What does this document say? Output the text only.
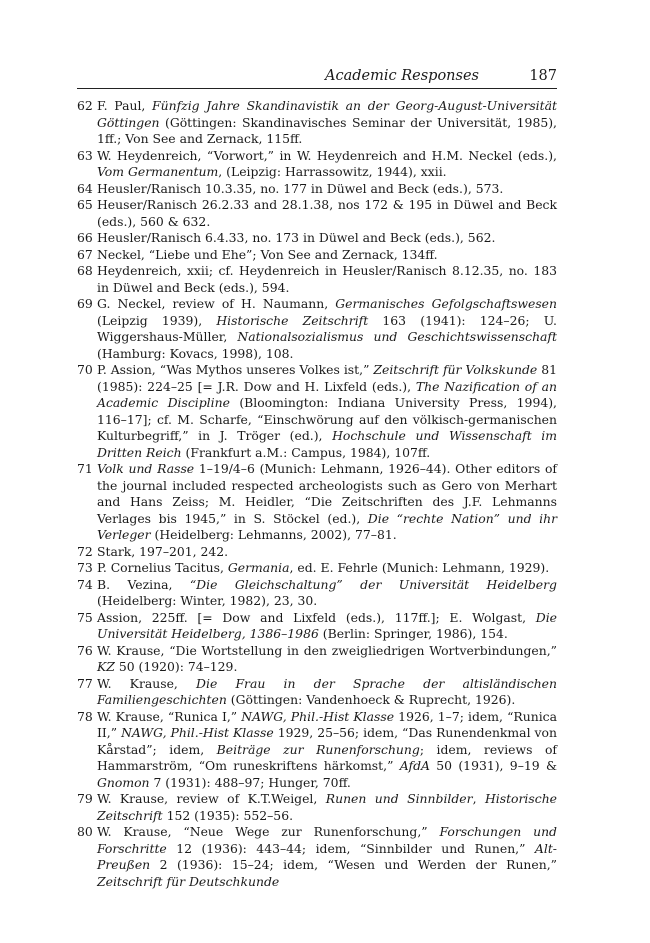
Academic Responses	187

62 F. Paul, Fünfzig Jahre Skandinavistik an der Georg-August-Universität Göttingen (Göttingen: Skandinavisches Seminar der Universität, 1985), 1ff.; Von See and Zernack, 115ff.

63 W. Heydenreich, “Vorwort,” in W. Heydenreich and H.M. Neckel (eds.), Vom Germanentum, (Leipzig: Harrassowitz, 1944), xxii.

64 Heusler/Ranisch 10.3.35, no. 177 in Düwel and Beck (eds.), 573.

65 Heuser/Ranisch 26.2.33 and 28.1.38, nos 172 & 195 in Düwel and Beck (eds.), 560 & 632.

66 Heusler/Ranisch 6.4.33, no. 173 in Düwel and Beck (eds.), 562.

67 Neckel, “Liebe und Ehe”; Von See and Zernack, 134ff.

68 Heydenreich, xxii; cf. Heydenreich in Heusler/Ranisch 8.12.35, no. 183 in Düwel and Beck (eds.), 594.

69 G. Neckel, review of H. Naumann, Germanisches Gefolgschaftswesen (Leipzig 1939), Historische Zeitschrift 163 (1941): 124–26; U. Wiggershaus-Müller, Nationalsozialismus und Geschichtswissenschaft (Hamburg: Kovacs, 1998), 108.

70 P. Assion, “Was Mythos unseres Volkes ist,” Zeitschrift für Volkskunde 81 (1985): 224–25 [= J.R. Dow and H. Lixfeld (eds.), The Nazification of an Academic Discipline (Bloomington: Indiana University Press, 1994), 116–17]; cf. M. Scharfe, “Einschwörung auf den völkisch-germanischen Kulturbegriff,” in J. Tröger (ed.), Hochschule und Wissenschaft im Dritten Reich (Frankfurt a.M.: Campus, 1984), 107ff.

71 Volk und Rasse 1–19/4–6 (Munich: Lehmann, 1926–44). Other editors of the journal included respected archeologists such as Gero von Merhart and Hans Zeiss; M. Heidler, “Die Zeitschriften des J.F. Lehmanns Verlages bis 1945,” in S. Stöckel (ed.), Die “rechte Nation” und ihr Verleger (Heidelberg: Lehmanns, 2002), 77–81.

72 Stark, 197–201, 242.

73 P. Cornelius Tacitus, Germania, ed. E. Fehrle (Munich: Lehmann, 1929).

74 B. Vezina, “Die Gleichschaltung” der Universität Heidelberg (Heidelberg: Winter, 1982), 23, 30.

75 Assion, 225ff. [= Dow and Lixfeld (eds.), 117ff.]; E. Wolgast, Die Universität Heidelberg, 1386–1986 (Berlin: Springer, 1986), 154.

76 W. Krause, “Die Wortstellung in den zweigliedrigen Wortverbindungen,” KZ 50 (1920): 74–129.

77 W. Krause, Die Frau in der Sprache der altisländischen Familiengeschichten (Göttingen: Vandenhoeck & Ruprecht, 1926).

78 W. Krause, “Runica I,” NAWG, Phil.-Hist Klasse 1926, 1–7; idem, “Runica II,” NAWG, Phil.-Hist Klasse 1929, 25–56; idem, “Das Runendenkmal von Kårstad”; idem, Beiträge zur Runenforschung; idem, reviews of Hammarström, “Om runeskriftens härkomst,” AfdA 50 (1931), 9–19 & Gnomon 7 (1931): 488–97; Hunger, 70ff.

79 W. Krause, review of K.T.Weigel, Runen und Sinnbilder, Historische Zeitschrift 152 (1935): 552–56.

80 W. Krause, “Neue Wege zur Runenforschung,” Forschungen und Forschritte 12 (1936): 443–44; idem, “Sinnbilder und Runen,” Alt-Preußen 2 (1936): 15–24; idem, “Wesen und Werden der Runen,” Zeitschrift für Deutschkunde
